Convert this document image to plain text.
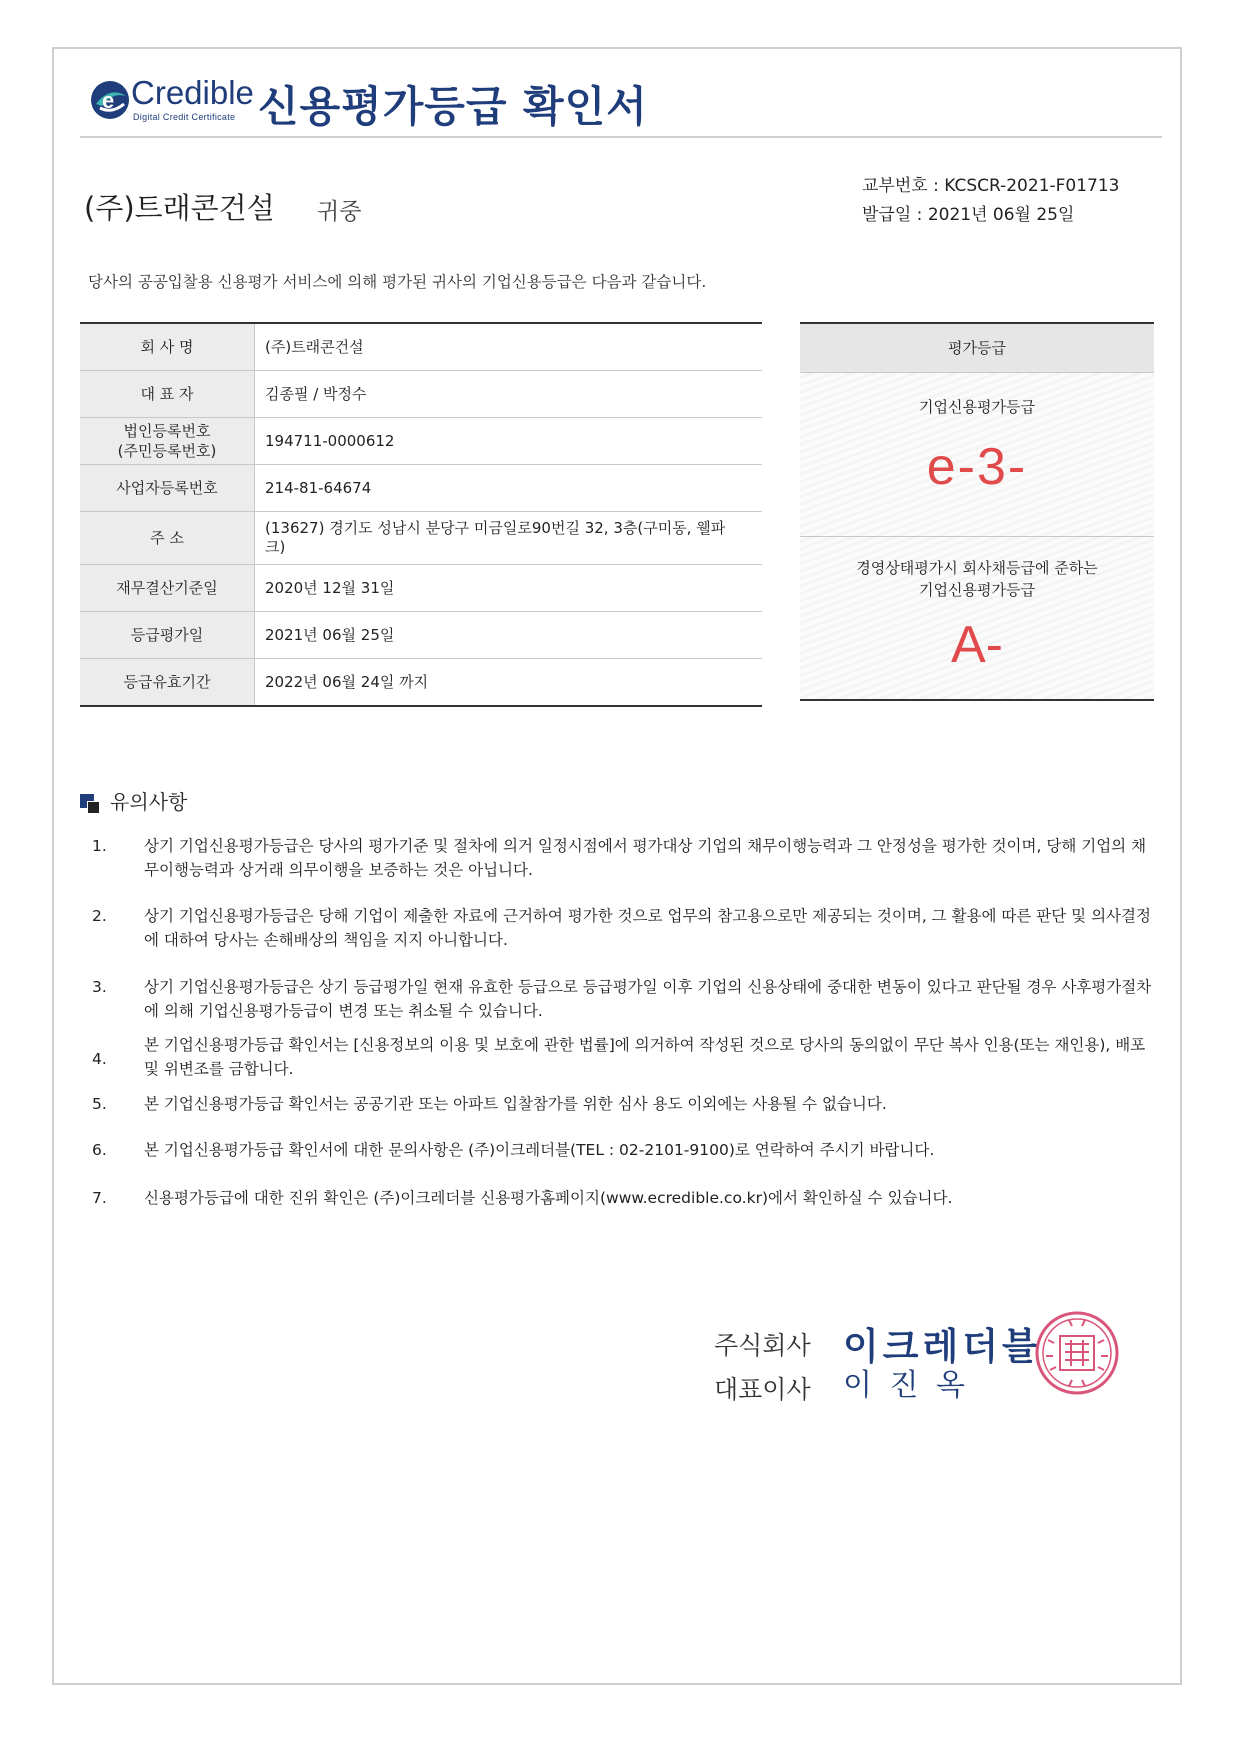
e Credible
Digital Credit Certificate 신용평가등급 확인서
(주)트래콘건설 귀중
교부번호 : KCSCR-2021-F01713
발급일 : 2021년 06월 25일
당사의 공공입찰용 신용평가 서비스에 의해 평가된 귀사의 기업신용등급은 다음과 같습니다.
회 사 명	(주)트래콘건설
대 표 자	김종필 / 박정수
법인등록번호
(주민등록번호)	194711-0000612
사업자등록번호	214-81-64674
주 소	(13627) 경기도 성남시 분당구 미금일로90번길 32, 3층(구미동, 웰파크)
재무결산기준일	2020년 12월 31일
등급평가일	2021년 06월 25일
등급유효기간	2022년 06월 24일 까지
평가등급
기업신용평가등급
e-3-
경영상태평가시 회사채등급에 준하는
기업신용평가등급
A-
유의사항
1.	상기 기업신용평가등급은 당사의 평가기준 및 절차에 의거 일정시점에서 평가대상 기업의 채무이행능력과 그 안정성을 평가한 것이며, 당해 기업의 채무이행능력과 상거래 의무이행을 보증하는 것은 아닙니다.
2.	상기 기업신용평가등급은 당해 기업이 제출한 자료에 근거하여 평가한 것으로 업무의 참고용으로만 제공되는 것이며, 그 활용에 따른 판단 및 의사결정에 대하여 당사는 손해배상의 책임을 지지 아니합니다.
3.	상기 기업신용평가등급은 상기 등급평가일 현재 유효한 등급으로 등급평가일 이후 기업의 신용상태에 중대한 변동이 있다고 판단될 경우 사후평가절차에 의해 기업신용평가등급이 변경 또는 취소될 수 있습니다.
4.
본 기업신용평가등급 확인서는 [신용정보의 이용 및 보호에 관한 법률]에 의거하여 작성된 것으로 당사의 동의없이 무단 복사 인용(또는 재인용), 배포 및 위변조를 금합니다.
5.	본 기업신용평가등급 확인서는 공공기관 또는 아파트 입찰참가를 위한 심사 용도 이외에는 사용될 수 없습니다.
6.	본 기업신용평가등급 확인서에 대한 문의사항은 (주)이크레더블(TEL : 02-2101-9100)로 연락하여 주시기 바랍니다.
7.	신용평가등급에 대한 진위 확인은 (주)이크레더블 신용평가홈페이지(www.ecredible.co.kr)에서 확인하실 수 있습니다.
주식회사
대표이사
이크레더블
이 진 옥
